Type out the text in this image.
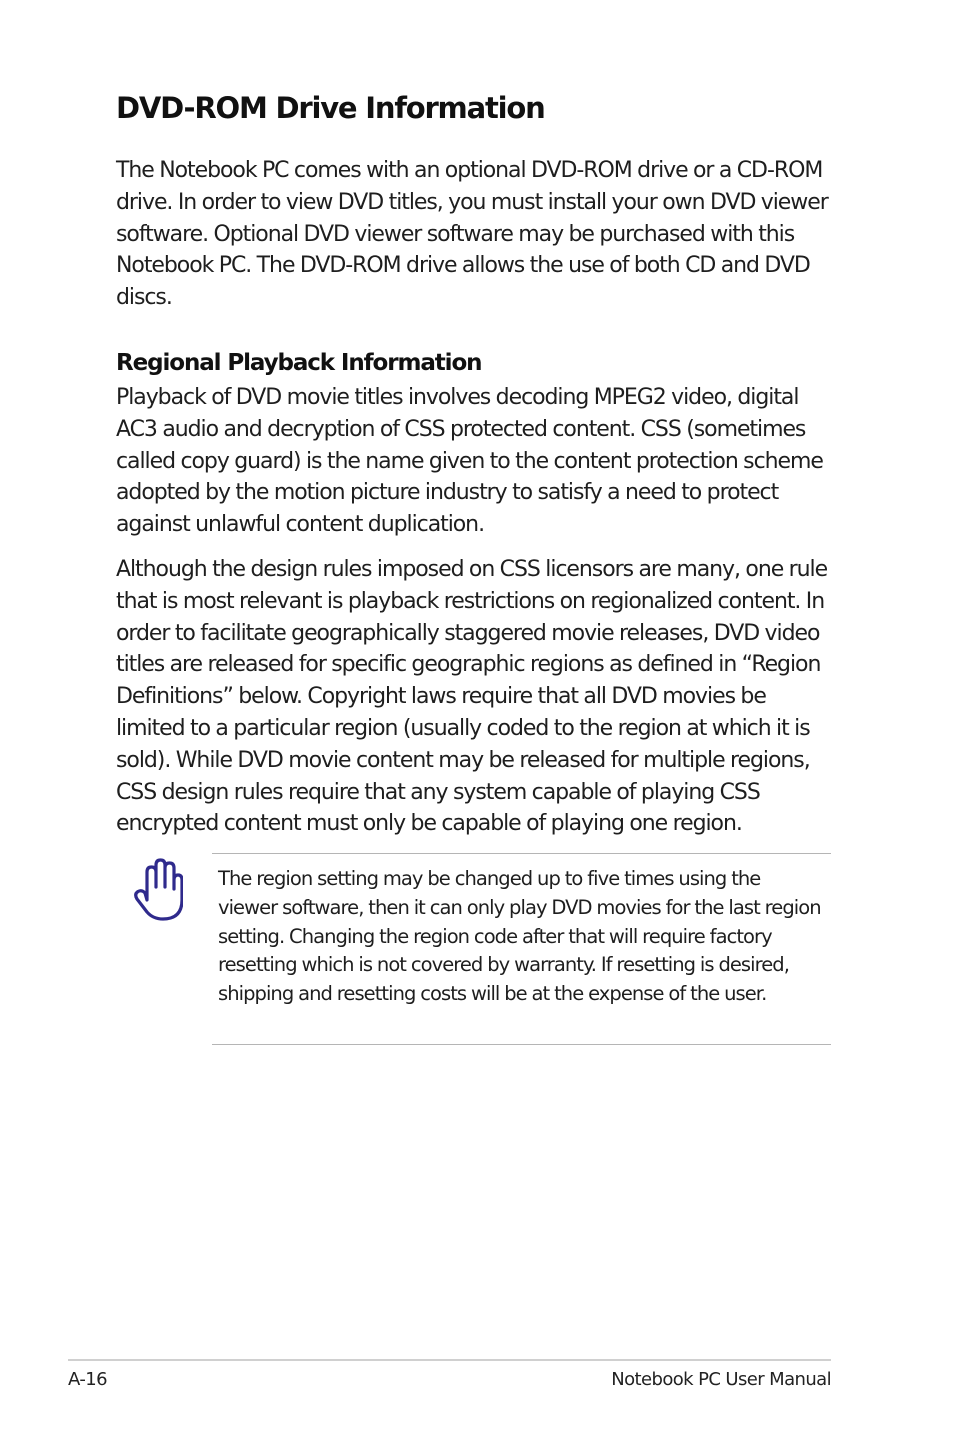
DVD-ROM Drive Information

The Notebook PC comes with an optional DVD-ROM drive or a CD-ROM drive. In order to view DVD titles, you must install your own DVD viewer software. Optional DVD viewer software may be purchased with this Notebook PC. The DVD-ROM drive allows the use of both CD and DVD discs.

Regional Playback Information

Playback of DVD movie titles involves decoding MPEG2 video, digital AC3 audio and decryption of CSS protected content. CSS (sometimes called copy guard) is the name given to the content protection scheme adopted by the motion picture industry to satisfy a need to protect against unlawful content duplication.

Although the design rules imposed on CSS licensors are many, one rule that is most relevant is playback restrictions on regionalized content. In order to facilitate geographically staggered movie releases, DVD video titles are released for specific geographic regions as defined in “Region Definitions” below. Copyright laws require that all DVD movies be limited to a particular region (usually coded to the region at which it is sold). While DVD movie content may be released for multiple regions, CSS design rules require that any system capable of playing CSS encrypted content must only be capable of playing one region.

The region setting may be changed up to five times using the viewer software, then it can only play DVD movies for the last region setting. Changing the region code after that will require factory resetting which is not covered by warranty. If resetting is desired, shipping and resetting costs will be at the expense of the user.

A-16	Notebook PC User Manual
